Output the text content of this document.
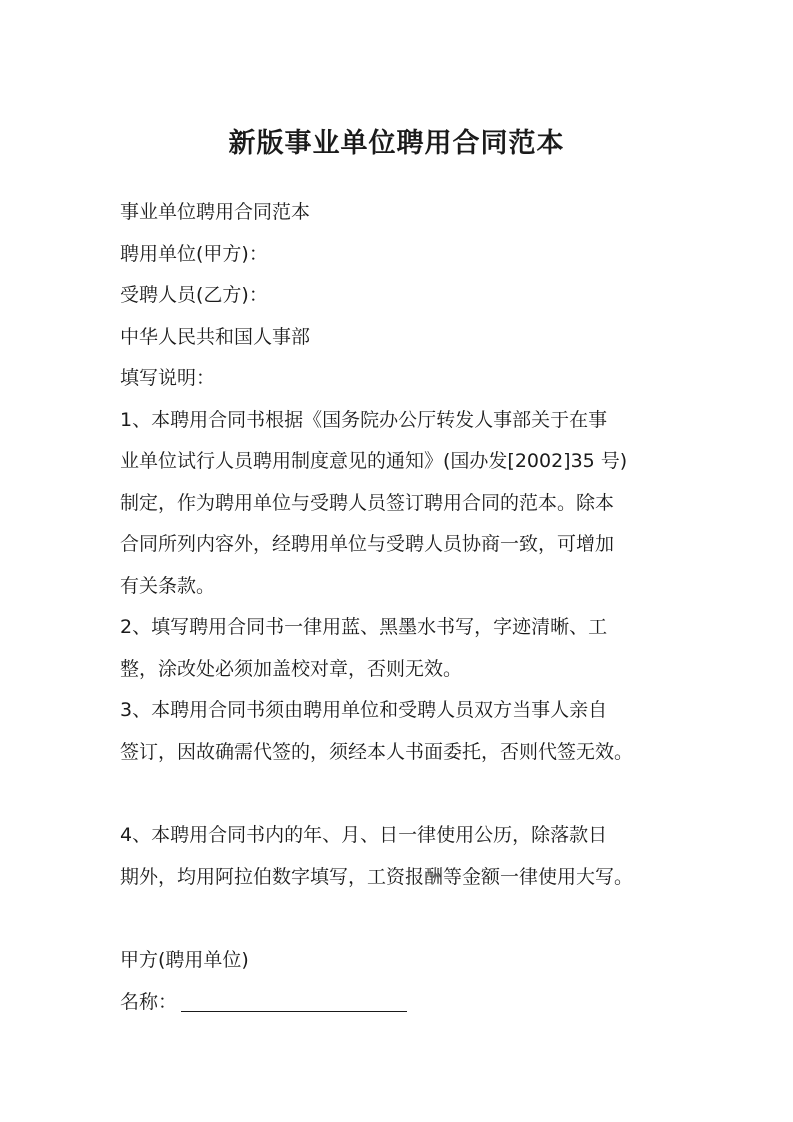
新版事业单位聘用合同范本
事业单位聘用合同范本
聘用单位(甲方)：
受聘人员(乙方)：
中华人民共和国人事部
填写说明：
1、本聘用合同书根据《国务院办公厅转发人事部关于在事
业单位试行人员聘用制度意见的通知》(国办发[2002]35 号)
制定，作为聘用单位与受聘人员签订聘用合同的范本。除本
合同所列内容外，经聘用单位与受聘人员协商一致，可增加
有关条款。
2、填写聘用合同书一律用蓝、黑墨水书写，字迹清晰、工
整，涂改处必须加盖校对章，否则无效。
3、本聘用合同书须由聘用单位和受聘人员双方当事人亲自
签订，因故确需代签的，须经本人书面委托，否则代签无效。
4、本聘用合同书内的年、月、日一律使用公历，除落款日
期外，均用阿拉伯数字填写，工资报酬等金额一律使用大写。
甲方(聘用单位)
名称：
